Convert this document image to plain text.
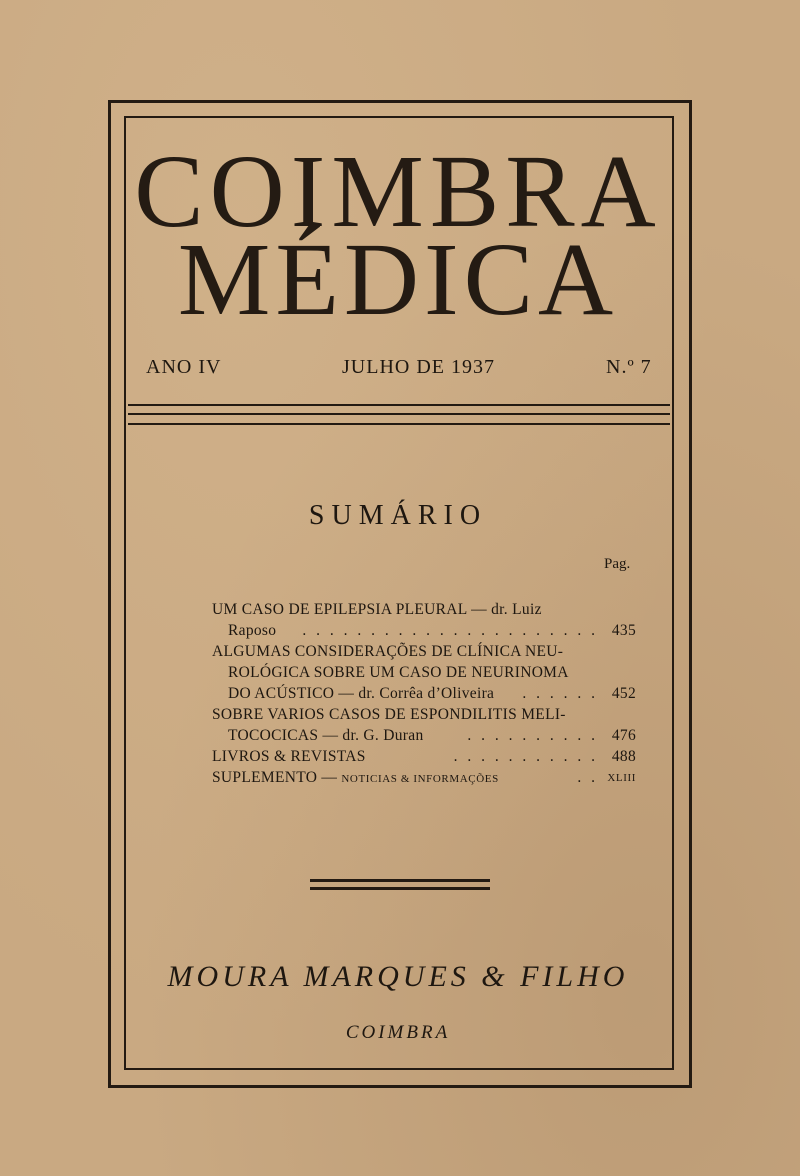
COIMBRA
MÉDICA
ANO IV	JULHO DE 1937	N.º 7
SUMÁRIO
Pag.
UM CASO DE EPILEPSIA PLEURAL — dr. Luiz
Raposo . . . . . . . . . . . . . . . . . . . . . . 435
ALGUMAS CONSIDERAÇÕES DE CLÍNICA NEU-
ROLÓGICA SOBRE UM CASO DE NEURINOMA
DO ACÚSTICO — dr. Corrêa d’Oliveira . . . . . . 452
SOBRE VARIOS CASOS DE ESPONDILITIS MELI-
TOCOCICAS — dr. G. Duran	. . . . . . . . . . 476
LIVROS & REVISTAS	. . . . . . . . . . . 488
SUPLEMENTO — NOTICIAS & INFORMAÇÕES	. . XLIII
MOURA MARQUES & FILHO
COIMBRA
